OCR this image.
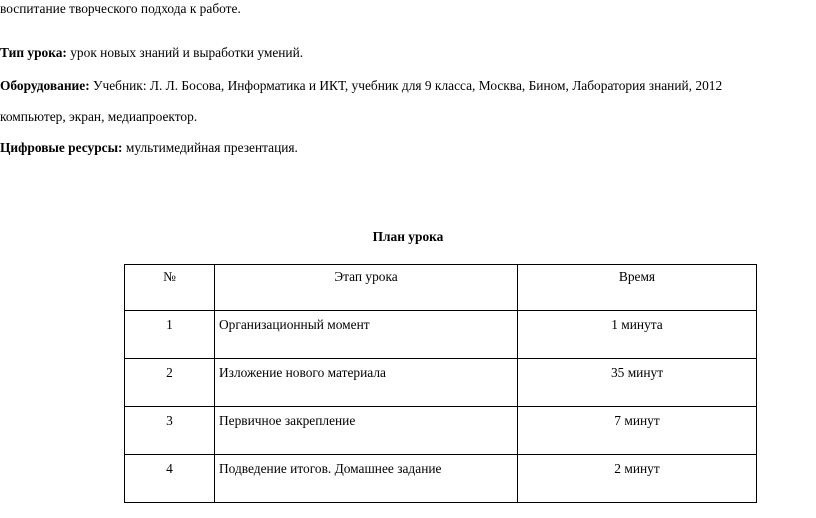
воспитание творческого подхода к работе.
Тип урока: урок новых знаний и выработки умений.
Оборудование: Учебник: Л. Л. Босова, Информатика и ИКТ, учебник для 9 класса, Москва, Бином, Лаборатория знаний, 2012
компьютер, экран, медиапроектор.
Цифровые ресурсы: мультимедийная презентация.
План урока
№	Этап урока	Время
1	Организационный момент	1 минута
2	Изложение нового материала	35 минут
3	Первичное закрепление	7 минут
4	Подведение итогов. Домашнее задание	2 минут
